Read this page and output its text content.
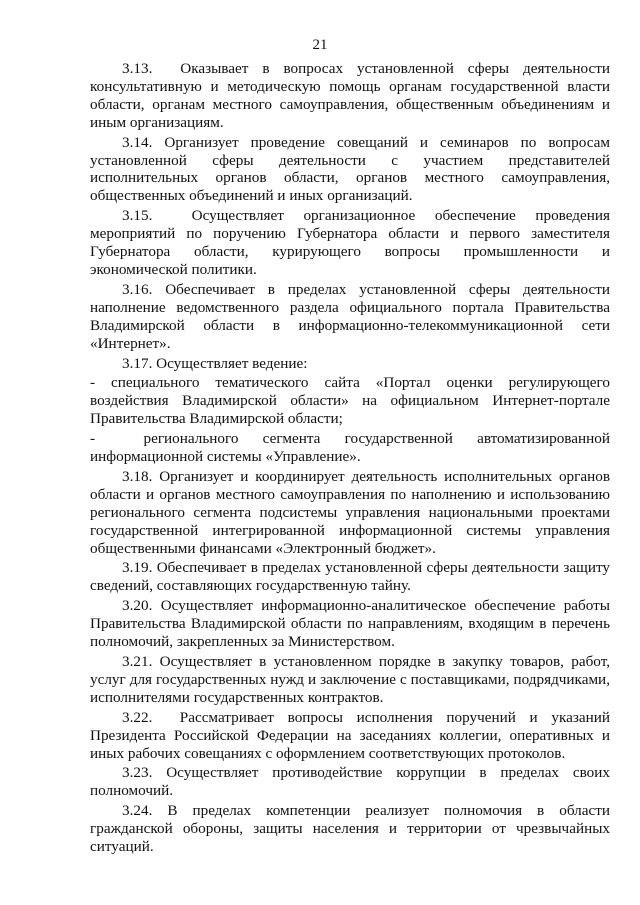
21

3.13.  Оказывает в вопросах установленной сферы деятельности консультативную и методическую помощь органам государственной власти области, органам местного самоуправления, общественным объединениям и иным организациям.

3.14. Организует проведение совещаний и семинаров по вопросам установленной сферы деятельности с участием представителей исполнительных органов области, органов местного самоуправления, общественных объединений и иных организаций.

3.15.  Осуществляет организационное обеспечение проведения мероприятий по поручению Губернатора области и первого заместителя Губернатора области, курирующего вопросы промышленности и экономической политики.

3.16. Обеспечивает в пределах установленной сферы деятельности наполнение ведомственного раздела официального портала Правительства Владимирской области в информационно-телекоммуникационной сети «Интернет».

3.17. Осуществляет ведение:

- специального тематического сайта «Портал оценки регулирующего воздействия Владимирской области» на официальном Интернет-портале Правительства Владимирской области;

-  регионального сегмента государственной автоматизированной информационной системы «Управление».

3.18. Организует и координирует деятельность исполнительных органов области и органов местного самоуправления по наполнению и использованию регионального сегмента подсистемы управления национальными проектами государственной интегрированной информационной системы управления общественными финансами «Электронный бюджет».

3.19. Обеспечивает в пределах установленной сферы деятельности защиту сведений, составляющих государственную тайну.

3.20. Осуществляет информационно-аналитическое обеспечение работы Правительства Владимирской области по направлениям, входящим в перечень полномочий, закрепленных за Министерством.

3.21. Осуществляет в установленном порядке в закупку товаров, работ, услуг для государственных нужд и заключение с поставщиками, подрядчиками, исполнителями государственных контрактов.

3.22.  Рассматривает вопросы исполнения поручений и указаний Президента Российской Федерации на заседаниях коллегии, оперативных и иных рабочих совещаниях с оформлением соответствующих протоколов.

3.23. Осуществляет противодействие коррупции в пределах своих полномочий.

3.24. В пределах компетенции реализует полномочия в области гражданской обороны, защиты населения и территории от чрезвычайных ситуаций.
